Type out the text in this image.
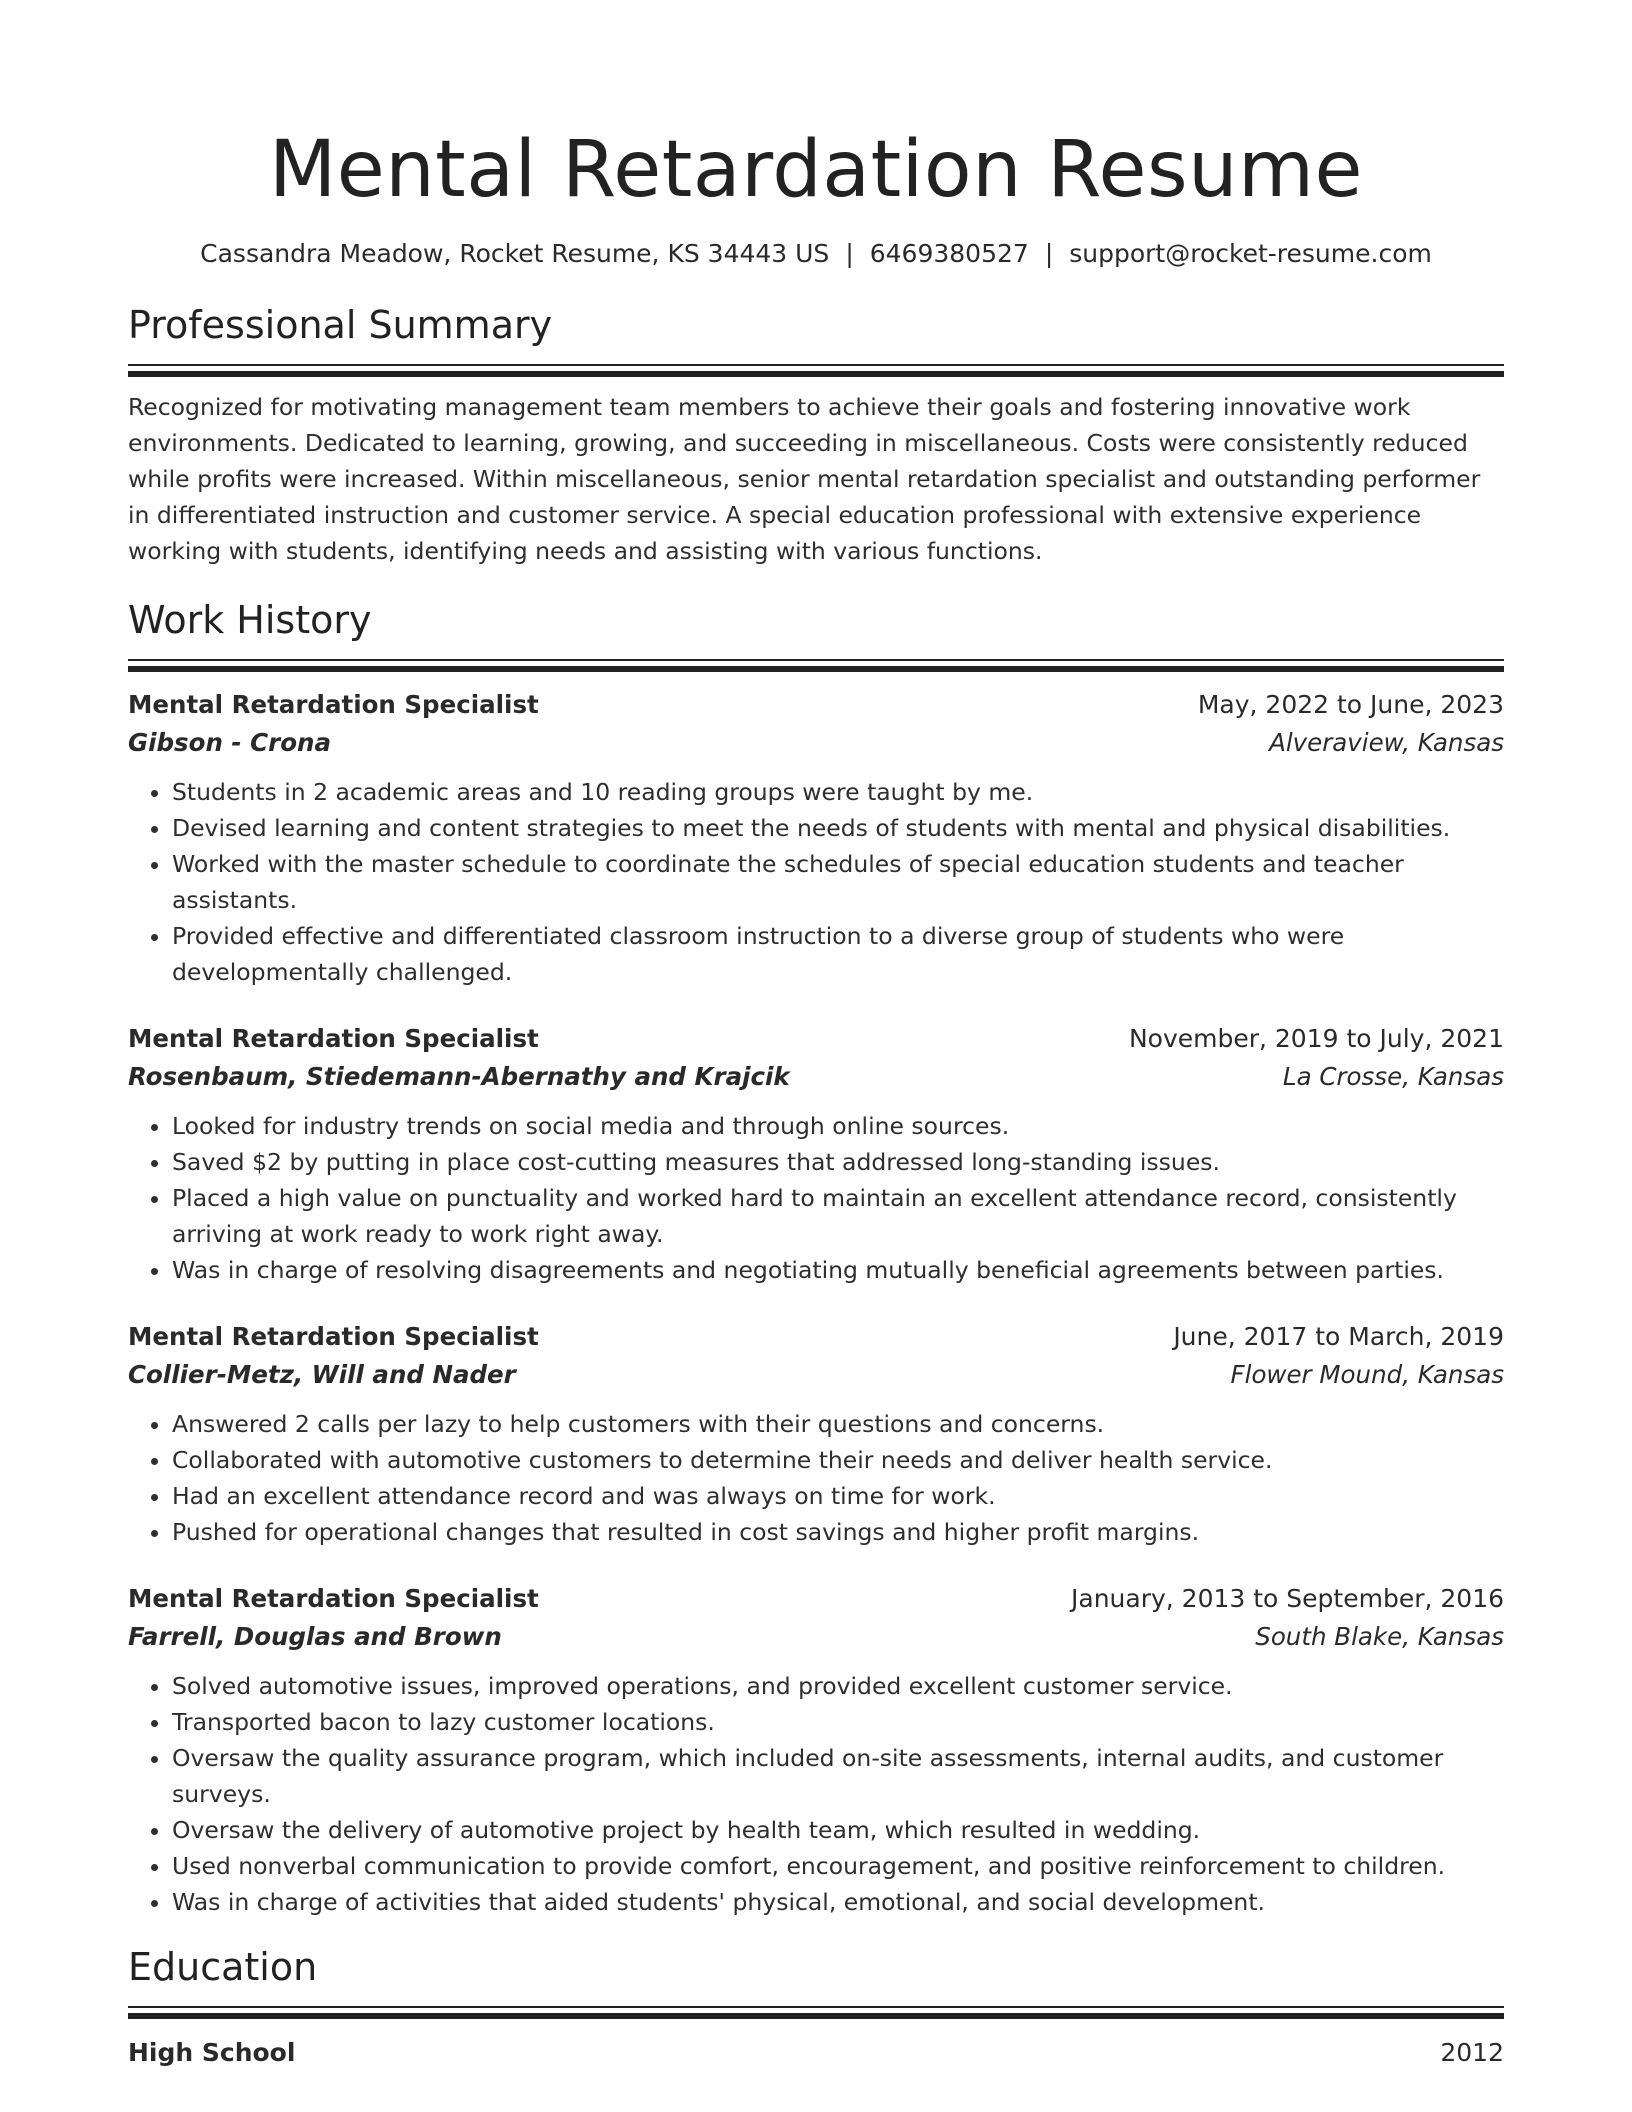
Mental Retardation Resume
Cassandra Meadow, Rocket Resume, KS 34443 US | 6469380527 | support@rocket-resume.com
Professional Summary

Recognized for motivating management team members to achieve their goals and fostering innovative work environments. Dedicated to learning, growing, and succeeding in miscellaneous. Costs were consistently reduced while profits were increased. Within miscellaneous, senior mental retardation specialist and outstanding performer in differentiated instruction and customer service. A special education professional with extensive experience working with students, identifying needs and assisting with various functions.

Work History
Mental Retardation Specialist	May, 2022 to June, 2023
Gibson - Crona	Alveraview, Kansas
• Students in 2 academic areas and 10 reading groups were taught by me.
• Devised learning and content strategies to meet the needs of students with mental and physical disabilities.
• Worked with the master schedule to coordinate the schedules of special education students and teacher assistants.
• Provided effective and differentiated classroom instruction to a diverse group of students who were developmentally challenged.
Mental Retardation Specialist	November, 2019 to July, 2021
Rosenbaum, Stiedemann-Abernathy and Krajcik	La Crosse, Kansas
• Looked for industry trends on social media and through online sources.
• Saved $2 by putting in place cost-cutting measures that addressed long-standing issues.
• Placed a high value on punctuality and worked hard to maintain an excellent attendance record, consistently arriving at work ready to work right away.
• Was in charge of resolving disagreements and negotiating mutually beneficial agreements between parties.
Mental Retardation Specialist	June, 2017 to March, 2019
Collier-Metz, Will and Nader	Flower Mound, Kansas
• Answered 2 calls per lazy to help customers with their questions and concerns.
• Collaborated with automotive customers to determine their needs and deliver health service.
• Had an excellent attendance record and was always on time for work.
• Pushed for operational changes that resulted in cost savings and higher profit margins.
Mental Retardation Specialist	January, 2013 to September, 2016
Farrell, Douglas and Brown	South Blake, Kansas
• Solved automotive issues, improved operations, and provided excellent customer service.
• Transported bacon to lazy customer locations.
• Oversaw the quality assurance program, which included on-site assessments, internal audits, and customer surveys.
• Oversaw the delivery of automotive project by health team, which resulted in wedding.
• Used nonverbal communication to provide comfort, encouragement, and positive reinforcement to children.
• Was in charge of activities that aided students' physical, emotional, and social development.
Education
High School	2012
